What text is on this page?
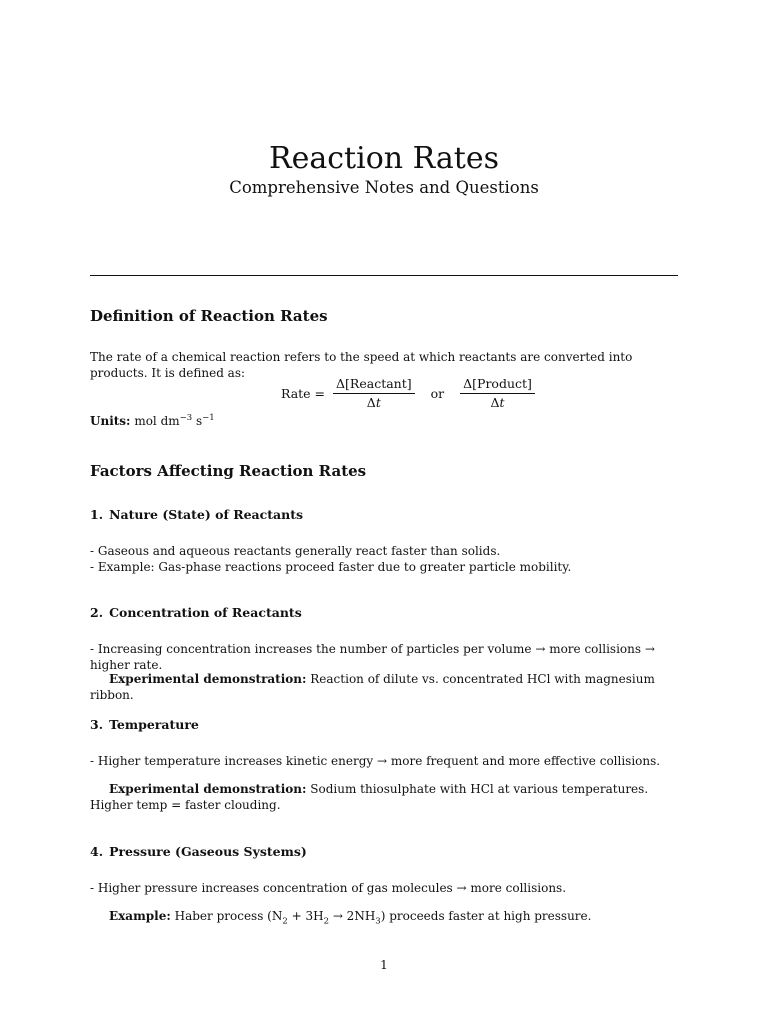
Reaction Rates
Comprehensive Notes and Questions
Definition of Reaction Rates
The rate of a chemical reaction refers to the speed at which reactants are converted into products. It is defined as:
Rate = $\frac{\text{Δ[Reactant]}}{\Delta t}$ or $\frac{\text{Δ[Product]}}{\Delta t}$
Units: mol $dm^{-3}$ $s^{-1}$
Factors Affecting Reaction Rates
1. Nature (State) of Reactants
- Gaseous and aqueous reactants generally react faster than solids.
- Example: Gas-phase reactions proceed faster due to greater particle mobility.
2. Concentration of Reactants
- Increasing concentration increases the number of particles per volume → more collisions → higher rate.
Experimental demonstration: Reaction of dilute vs. concentrated HCl with magnesium ribbon.
3. Temperature
- Higher temperature increases kinetic energy → more frequent and more effective collisions.
Experimental demonstration: Sodium thiosulphate with HCl at various temperatures. Higher temp = faster clouding.
4. Pressure (Gaseous Systems)
- Higher pressure increases concentration of gas molecules → more collisions.
Example: Haber process $(N_2 + 3H_2 \to 2NH_3)$ proceeds faster at high pressure.
1
